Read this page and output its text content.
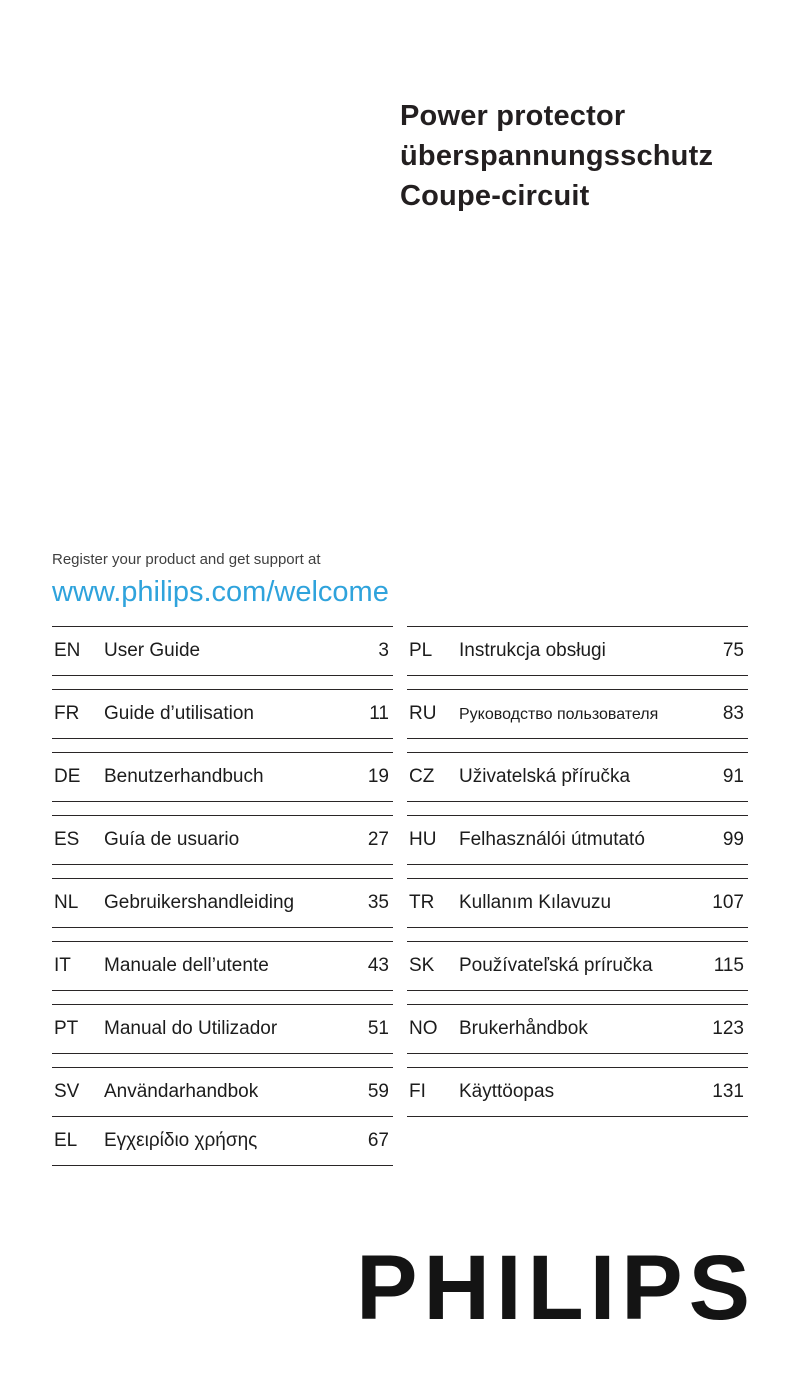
Power protector
überspannungsschutz
Coupe-circuit
Register your product and get support at
www.philips.com/welcome
EN	User Guide	3
FR	Guide d’utilisation	11
DE	Benutzerhandbuch	19
ES	Guía de usuario	27
NL	Gebruikershandleiding	35
IT	Manuale dell’utente	43
PT	Manual do Utilizador	51
SV	Användarhandbok	59
EL	Εγχειρίδιο χρήσης	67
PL	Instrukcja obsługi	75
RU	Руководство пользователя	83
CZ	Uživatelská příručka	91
HU	Felhasználói útmutató	99
TR	Kullanım Kılavuzu	107
SK	Používateľská príručka	115
NO	Brukerhåndbok	123
FI	Käyttöopas	131
PHILIPS
